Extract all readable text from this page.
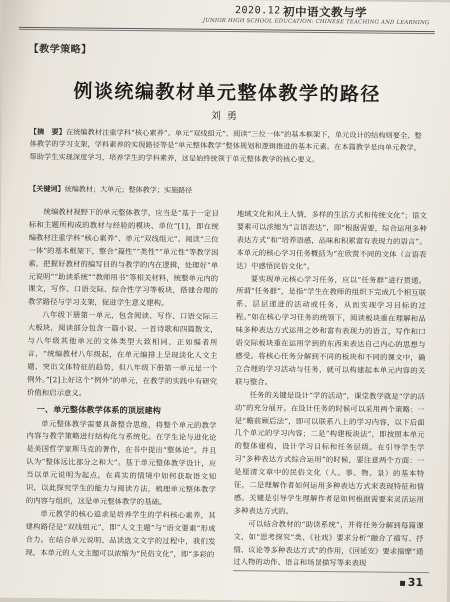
2020.12 初中语文教与学
JUNIOR HIGH SCHOOL EDUCATION: CHINESE TEACHING AND LEARNING
【教学策略】
例谈统编教材单元整体教学的路径
刘勇

【摘　要】在统编教材注重学科“核心素养”、单元“双线组元”、阅读“三位一体”的基本框架下，单元设计的结构则要全、整体教学的学习支架，学科素养的实现路径等是“单元整体教学”整体规划和逻辑推进的基本元素。在本篇教学是向单元教学，帮助学生实现深度学习，培养学生的学科素养，这是始终统领于单元整体教学的核心要义。

【关键词】统编教材；大单元；整体教学；实施路径

统编教材视野下的单元整体教学，应当是“基于一定目标和主题所构成的教材与经验的模块、单位”[1]，即在统编教材注重学科“核心素养”、单元“双线组元”、阅读“三位一体”的基本框架下，整合“篇性”“类性”“单元性”等教学因素，把握好教材的编写目的与教学的内在逻辑，处理好“单元说明”“助读系统”“教师用书”等相关材料，统整单元内的课文，写作、口语交际、综合性学习等板块，搭建合理的教学路径与学习支架，促进学生意义建构。

八年级下册第一单元，包含阅读、写作、口语交际三大板块，阅读部分包含一篇小说、一首诗歌和四篇散文，与八年级其他单元的文体类型大致相同，正如编者所言，“统编教材八年级起，在单元编排上呈现淡化人文主题、突出文体特征的趋势，但八年级下册第一单元是一个例外。”[2]上好这个“例外”的单元，在教学的实践中有研究价值和启示意义。

一、单元整体教学体系的顶层建构

单元整体教学需要具备整合思维，将整个单元的教学内容与教学策略进行结构化与系统化。在学生论与进化论是美国哲学家斯马克的著作，在书中提出“整体论”。并且认为“整体远比部分之和大”。基于单元整体教学设计，应当以单元说明为起点，在真实的情境中如何获取语文知识，以此探究学生的能力与阅读方法，梳理单元整体教学的内容与组织，这是单元整体教学的基础。

单元教学的核心追求是培养学生的学科核心素养，其建构路径是“双线组元”，即“人文主题”与“语文要素”形成合力。在结合单元说明、品读选文文字的过程中，我们发现，本单元的人文主题可以浓缩为“民俗文化”，即“多彩的

地域文化和风土人情，多样的生活方式和传统文化”；语文要素可以浓缩为“言语表达”，即“根据需要，综合运用多种表达方式”和“培养语感，品味和积累富有表现力的语言”。本单元的核心学习任务概括为“在欣赏不同的文体（言语表达）中感悟民俗文化”。

要实现单元核心学习任务，应以“任务群”进行贯通。所谓“任务群”，是指“学生在教师的组织下完成几个相互联系、层层递进的活动或任务，从而实现学习目标的过程。”如在核心学习任务的统领下，阅读板块重在理解和品味多种表达方式运用之妙和富有表现力的语言，写作和口语交际板块重在运用学到的东西来表达自己内心的思想与感受。将核心任务分解到不同的板块和不同的课文中，确立合理的学习活动与任务，就可以构建起本单元内容的关联与整合。

任务的关键是设计“学的活动”，课堂教学就是“学的活动”的充分展开。在设计任务的时候可以采用两个策略：一是“瞻前顾后法”，即可以联系八上的学习内容，以下后面几个单元的学习内容；二是“构建板块法”，即按照本单元的整体建构，设计学习目标和任务层级。在引导学生学习“多种表达方式综合运用”的时候，要注意两个方面：一是厘清文章中的民俗文化（人、事、物、景）的基本特征，二是理解作者如何运用多种表达方式来表现特征和情感。关键是引导学生理解作者是如何根据需要来灵活运用多种表达方式的。

可以结合教材的“助读系统”，并将任务分解到每篇课文，如“思考探究”类、《社戏》要求分析“融合了描写、抒情、议论等多种表达方式”的作用，《回延安》要求揣摩“通过人物的动作、语言和场景描写等来表现

31
